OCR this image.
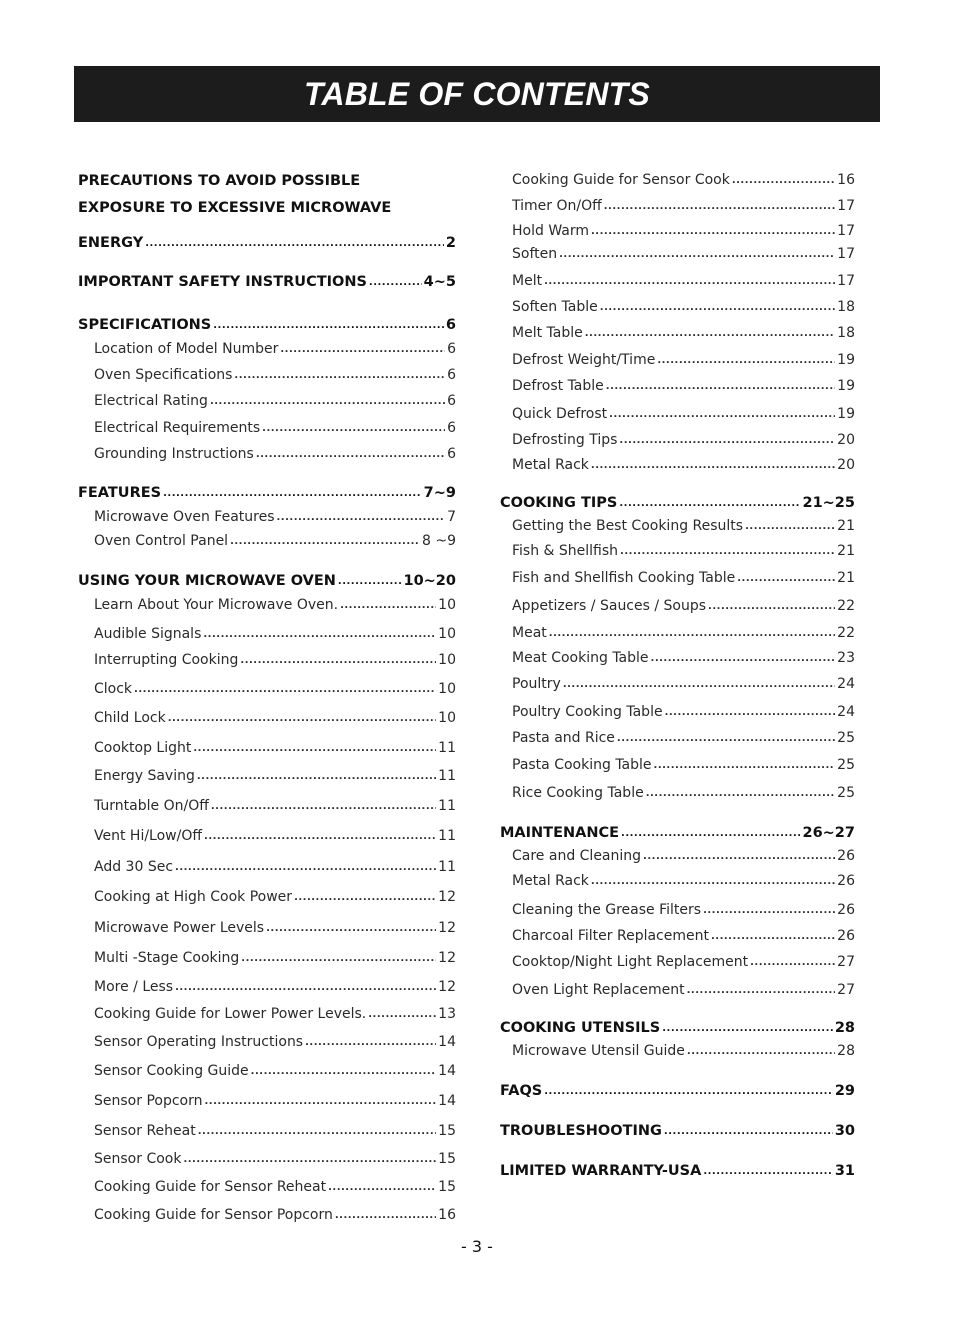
TABLE OF CONTENTS
PRECAUTIONS TO AVOID POSSIBLE
EXPOSURE TO EXCESSIVE MICROWAVE
ENERGY .....	2
IMPORTANT SAFETY INSTRUCTIONS .....	4~5
SPECIFICATIONS .....	6
Location of Model Number .....	6
Oven Specifications .....	6
Electrical Rating .....	6
Electrical Requirements .....	6
Grounding Instructions .....	6
FEATURES .....	7~9
Microwave Oven Features .....	7
Oven Control Panel .....	8 ~9
USING YOUR MICROWAVE OVEN .....	10~20
Learn About Your Microwave Oven. .....	10
Audible Signals .....	10
Interrupting Cooking .....	10
Clock .....	10
Child Lock .....	10
Cooktop Light .....	11
Energy Saving .....	11
Turntable On/Off .....	11
Vent Hi/Low/Off .....	11
Add 30 Sec .....	11
Cooking at High Cook Power .....	12
Microwave Power Levels .....	12
Multi -Stage Cooking .....	12
More / Less .....	12
Cooking Guide for Lower Power Levels. .....	13
Sensor Operating Instructions .....	14
Sensor Cooking Guide .....	14
Sensor Popcorn .....	14
Sensor Reheat .....	15
Sensor Cook .....	15
Cooking Guide for Sensor Reheat .....	15
Cooking Guide for Sensor Popcorn .....	16
Cooking Guide for Sensor Cook .....	16
Timer On/Off .....	17
Hold Warm .....	17
Soften .....	17
Melt .....	17
Soften Table .....	18
Melt Table .....	18
Defrost Weight/Time .....	19
Defrost Table .....	19
Quick Defrost .....	19
Defrosting Tips .....	20
Metal Rack .....	20
COOKING TIPS .....	21~25
Getting the Best Cooking Results .....	21
Fish & Shellfish .....	21
Fish and Shellfish Cooking Table .....	21
Appetizers / Sauces / Soups .....	22
Meat .....	22
Meat Cooking Table .....	23
Poultry .....	24
Poultry Cooking Table .....	24
Pasta and Rice .....	25
Pasta Cooking Table .....	25
Rice Cooking Table .....	25
MAINTENANCE .....	26~27
Care and Cleaning .....	26
Metal Rack .....	26
Cleaning the Grease Filters .....	26
Charcoal Filter Replacement .....	26
Cooktop/Night Light Replacement .....	27
Oven Light Replacement .....	27
COOKING UTENSILS .....	28
Microwave Utensil Guide .....	28
FAQS .....	29
TROUBLESHOOTING .....	30
LIMITED WARRANTY-USA .....	31
- 3 -
